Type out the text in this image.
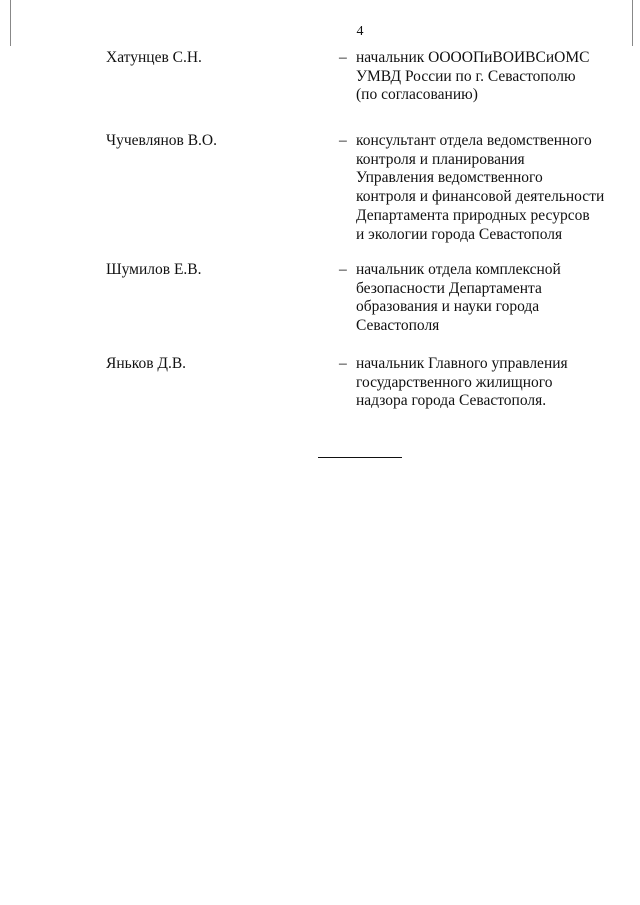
4
Хатунцев С.Н.	– начальник ОООOПиВОИВСиОМС
УМВД России по г. Севастополю
(по согласованию)
Чучевлянов В.О.	– консультант отдела ведомственного
контроля и планирования
Управления ведомственного
контроля и финансовой деятельности
Департамента природных ресурсов
и экологии города Севастополя
Шумилов Е.В.	– начальник отдела комплексной
безопасности Департамента
образования и науки города
Севастополя
Яньков Д.В.	– начальник Главного управления
государственного жилищного
надзора города Севастополя.
